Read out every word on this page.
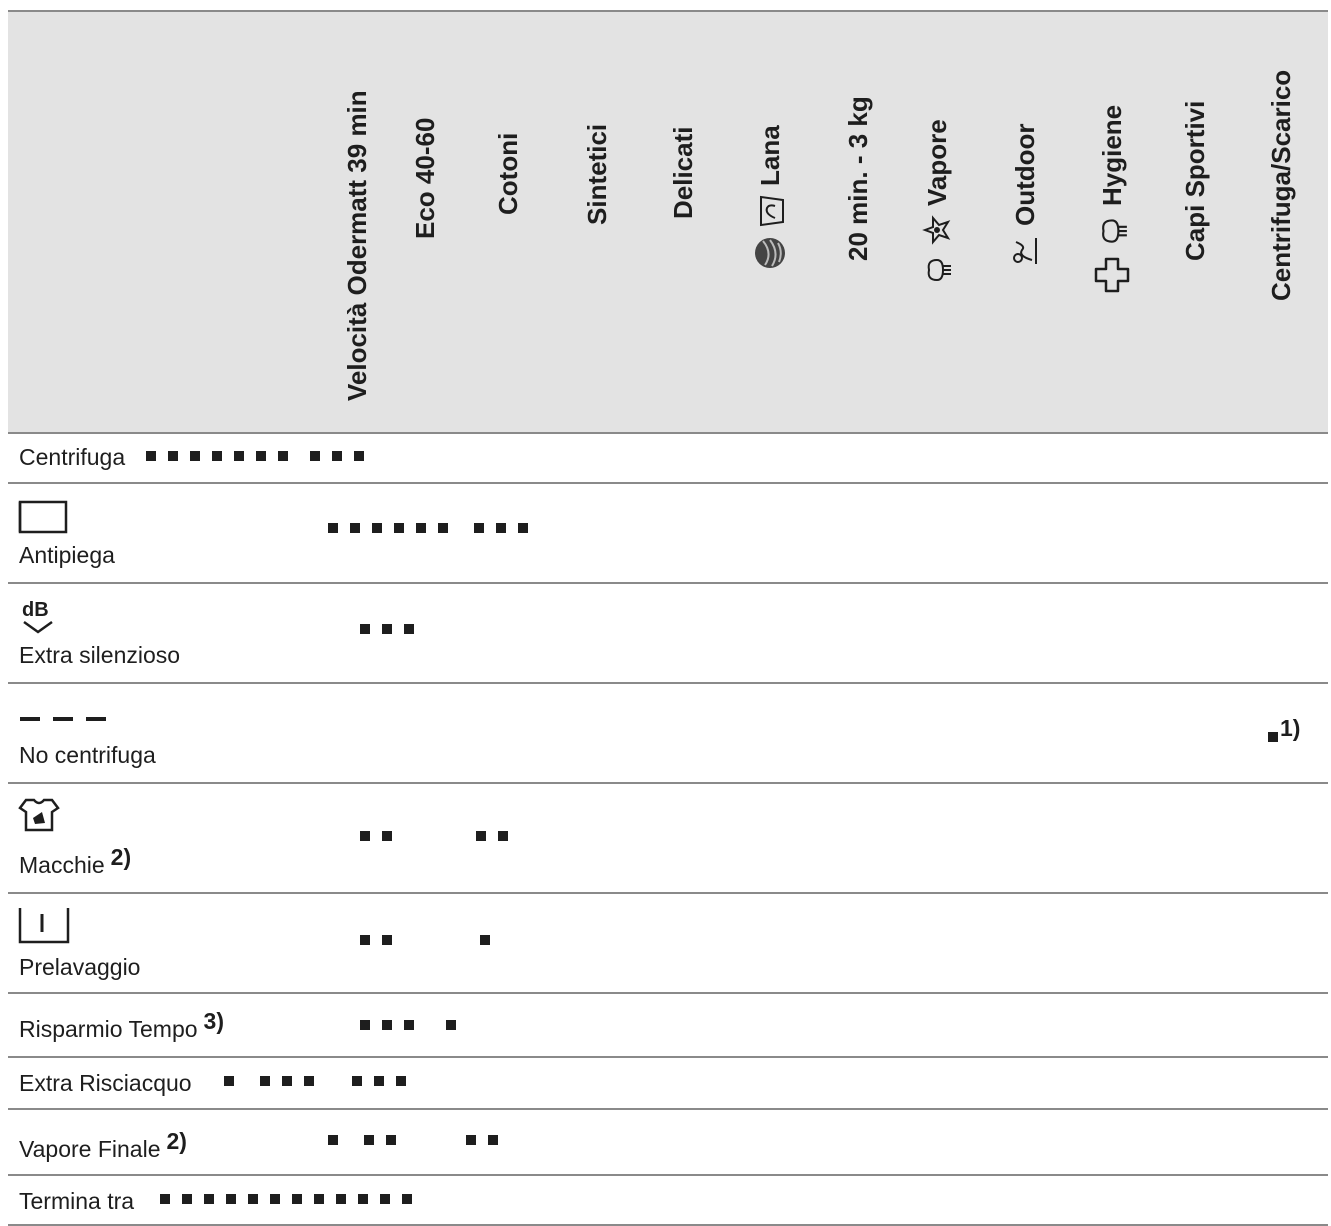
Velocità Odermatt 39 min Eco 40-60 Cotoni Sintetici Delicati Lana 20 min. - 3 kg Vapore Outdoor Hygiene Capi Sportivi Centrifuga/Scarico
Centrifuga
Antipiega
dB
Extra silenzioso
No centrifuga
1)
Macchie 2)
Prelavaggio
Risparmio Tempo 3)
Extra Risciacquo
Vapore Finale 2)
Termina tra
